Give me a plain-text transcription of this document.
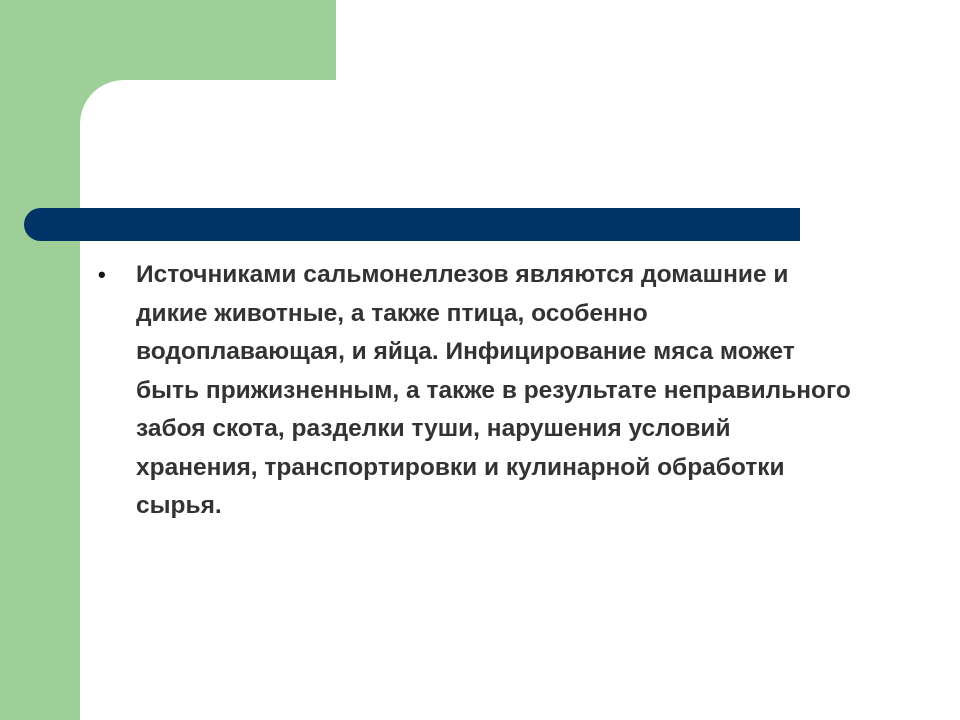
• Источниками сальмонеллезов являются домашние и дикие животные, а также птица, особенно водоплавающая, и яйца. Инфицирование мяса может быть прижизненным, а также в результате неправильного забоя скота, разделки туши, нарушения условий хранения, транспортировки и кулинарной обработки сырья.
